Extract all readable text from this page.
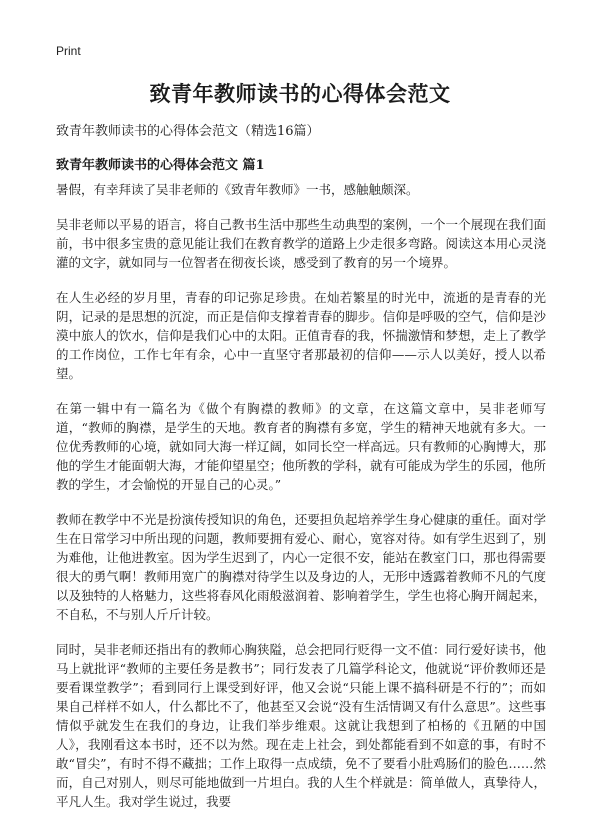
Print
致青年教师读书的心得体会范文
致青年教师读书的心得体会范文（精选16篇）
致青年教师读书的心得体会范文 篇1

暑假，有幸拜读了吴非老师的《致青年教师》一书，感触触颇深。

吴非老师以平易的语言，将自己教书生活中那些生动典型的案例，一个一个展现在我们面前，书中很多宝贵的意见能让我们在教育教学的道路上少走很多弯路。阅读这本用心灵浇灌的文字，就如同与一位智者在彻夜长谈，感受到了教育的另一个境界。

在人生必经的岁月里，青春的印记弥足珍贵。在灿若繁星的时光中，流逝的是青春的光阴，记录的是思想的沉淀，而正是信仰支撑着青春的脚步。信仰是呼吸的空气，信仰是沙漠中旅人的饮水，信仰是我们心中的太阳。正值青春的我，怀揣激情和梦想，走上了教学的工作岗位，工作七年有余，心中一直坚守者那最初的信仰——示人以美好，授人以希望。

在第一辑中有一篇名为《做个有胸襟的教师》的文章，在这篇文章中，吴非老师写道，“教师的胸襟，是学生的天地。教育者的胸襟有多宽，学生的精神天地就有多大。一位优秀教师的心境，就如同大海一样辽阔，如同长空一样高远。只有教师的心胸博大，那他的学生才能面朝大海，才能仰望星空；他所教的学科，就有可能成为学生的乐园，他所教的学生，才会愉悦的开显自己的心灵。”

教师在教学中不光是扮演传授知识的角色，还要担负起培养学生身心健康的重任。面对学生在日常学习中所出现的问题，教师要拥有爱心、耐心，宽容对待。如有学生迟到了，别为难他，让他进教室。因为学生迟到了，内心一定很不安，能站在教室门口，那也得需要很大的勇气啊！教师用宽广的胸襟对待学生以及身边的人，无形中透露着教师不凡的气度以及独特的人格魅力，这些将春风化雨般滋润着、影响着学生，学生也将心胸开阔起来，不自私，不与别人斤斤计较。

同时，吴非老师还指出有的教师心胸狭隘，总会把同行贬得一文不值：同行爱好读书，他马上就批评“教师的主要任务是教书”；同行发表了几篇学科论文，他就说“评价教师还是要看课堂教学”；看到同行上课受到好评，他又会说“只能上课不搞科研是不行的”；而如果自己样样不如人，什么都比不了，他甚至又会说“没有生活情调又有什么意思”。这些事情似乎就发生在我们的身边，让我们举步维艰。这就让我想到了柏杨的《丑陋的中国人》，我刚看这本书时，还不以为然。现在走上社会，到处都能看到不如意的事，有时不敢“冒尖”，有时不得不藏拙；工作上取得一点成绩，免不了要看小肚鸡肠们的脸色……然而，自己对别人，则尽可能地做到一片坦白。我的人生个样就是：简单做人，真挚待人，平凡人生。我对学生说过，我要
